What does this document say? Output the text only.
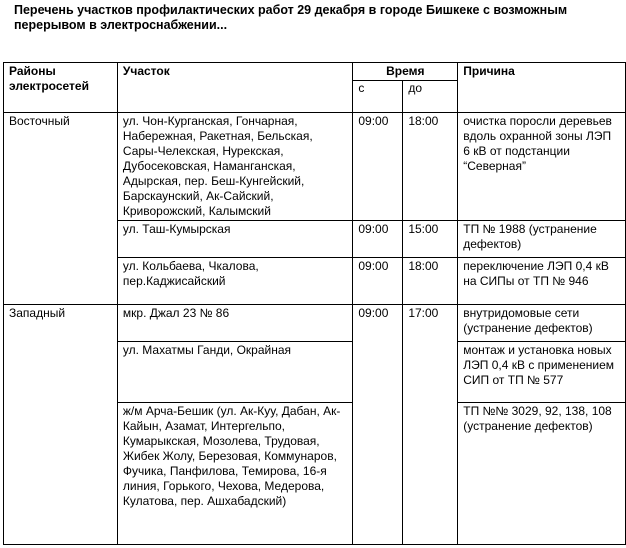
Перечень участков профилактических работ 29 декабря в городе Бишкеке с возможным перерывом в электроснабжении...
Районы электросетей	Участок	Время		Причина
		с	до	
Восточный	ул. Чон-Курганская, Гончарная, Набережная, Ракетная, Бельская, Сары-Челекская, Нурекская, Дубосековская, Наманганская, Адырская, пер. Беш-Кунгейский, Барскаунский, Ак-Сайский, Криворожский, Калымский	09:00	18:00	очистка поросли деревьев вдоль охранной зоны ЛЭП 6 кВ от подстанции “Северная”
	ул. Таш-Кумырская	09:00	15:00	ТП № 1988 (устранение дефектов)
	ул. Кольбаева, Чкалова, пер.Каджисайский	09:00	18:00	переключение ЛЭП 0,4 кВ на СИПы от ТП № 946
Западный	мкр. Джал 23 № 86	09:00	17:00	внутридомовые сети (устранение дефектов)
	ул. Махатмы Ганди, Окрайная			монтаж и установка новых ЛЭП 0,4 кВ с применением СИП от ТП № 577
	ж/м Арча-Бешик (ул. Ак-Куу, Дабан, Ак-Кайын, Азамат, Интергельпо, Кумарыкская, Мозолева, Трудовая, Жибек Жолу, Березовая, Коммунаров, Фучика, Панфилова, Темирова, 16-я линия, Горького, Чехова, Медерова, Кулатова, пер. Ашхабадский)			ТП №№ 3029, 92, 138, 108 (устранение дефектов)
